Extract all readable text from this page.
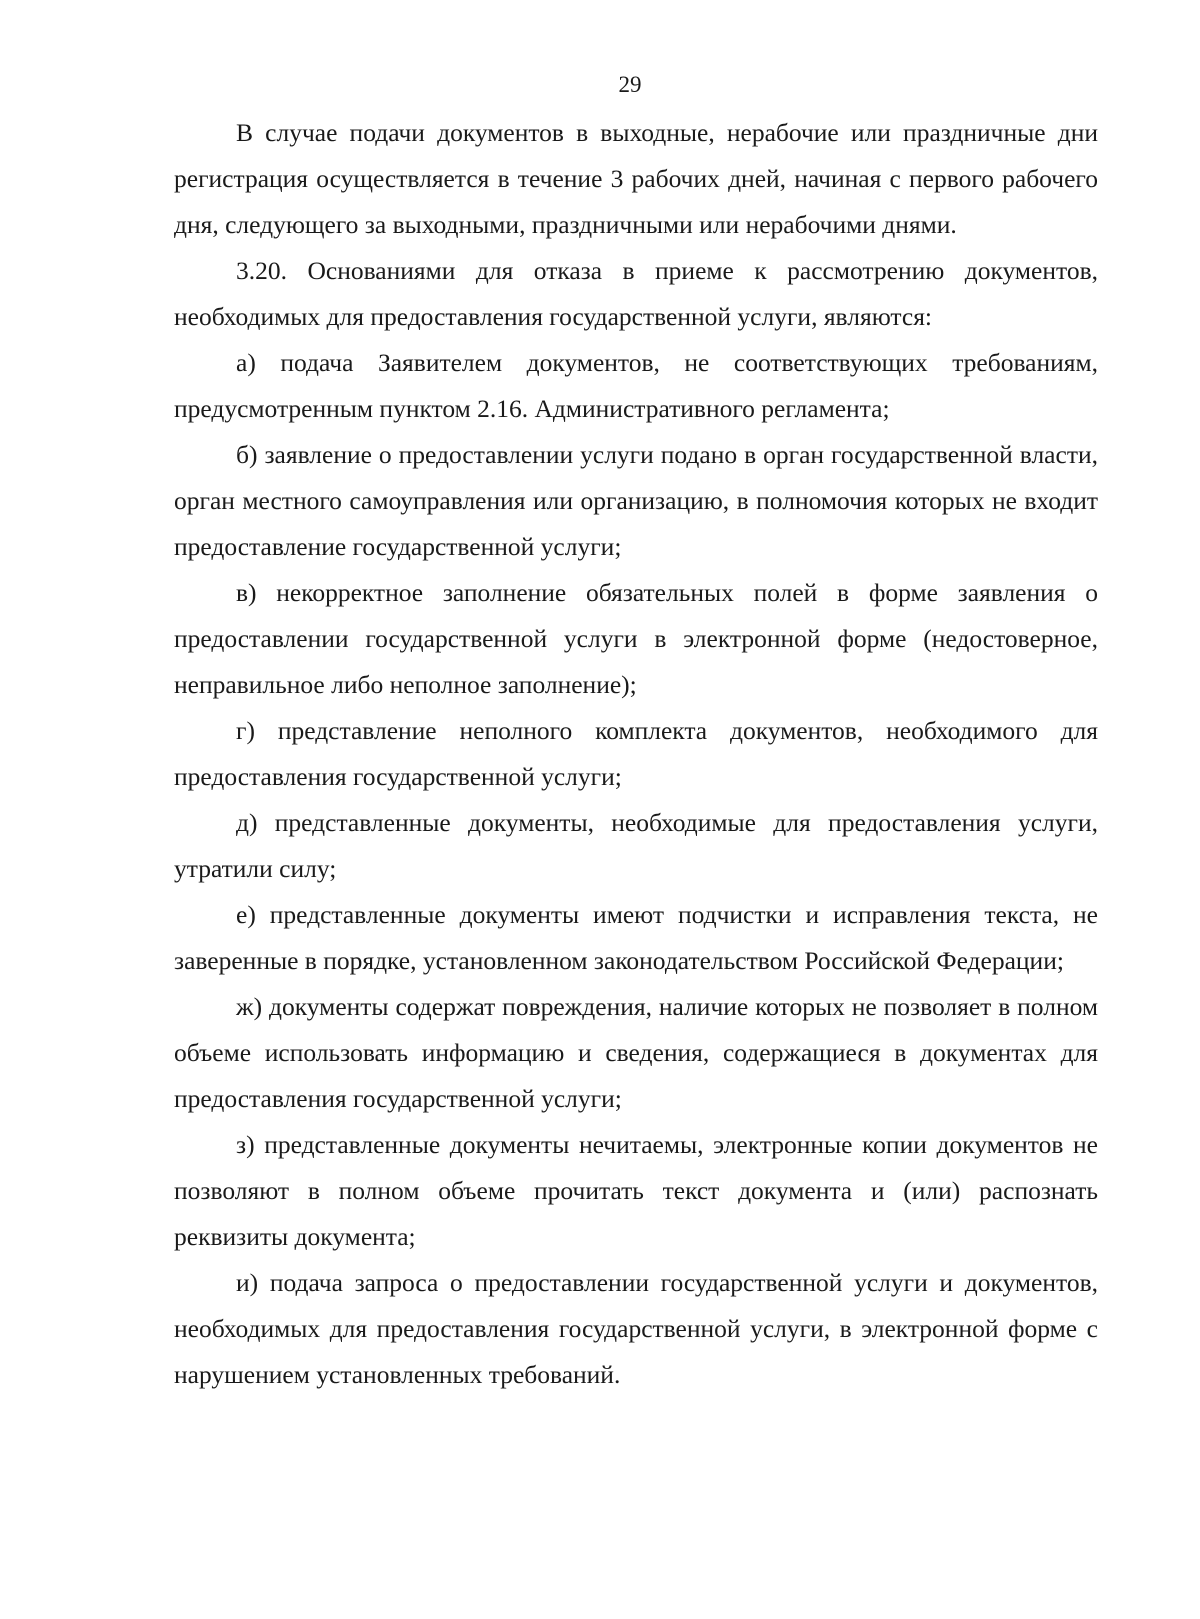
29

В случае подачи документов в выходные, нерабочие или праздничные дни регистрация осуществляется в течение 3 рабочих дней, начиная с первого рабочего дня, следующего за выходными, праздничными или нерабочими днями.

3.20. Основаниями для отказа в приеме к рассмотрению документов, необходимых для предоставления государственной услуги, являются:

а) подача Заявителем документов, не соответствующих требованиям, предусмотренным пунктом 2.16. Административного регламента;

б) заявление о предоставлении услуги подано в орган государственной власти, орган местного самоуправления или организацию, в полномочия которых не входит предоставление государственной услуги;

в) некорректное заполнение обязательных полей в форме заявления о предоставлении государственной услуги в электронной форме (недостоверное, неправильное либо неполное заполнение);

г) представление неполного комплекта документов, необходимого для предоставления государственной услуги;

д) представленные документы, необходимые для предоставления услуги, утратили силу;

е) представленные документы имеют подчистки и исправления текста, не заверенные в порядке, установленном законодательством Российской Федерации;

ж) документы содержат повреждения, наличие которых не позволяет в полном объеме использовать информацию и сведения, содержащиеся в документах для предоставления государственной услуги;

з) представленные документы нечитаемы, электронные копии документов не позволяют в полном объеме прочитать текст документа и (или) распознать реквизиты документа;

и) подача запроса о предоставлении государственной услуги и документов, необходимых для предоставления государственной услуги, в электронной форме с нарушением установленных требований.
